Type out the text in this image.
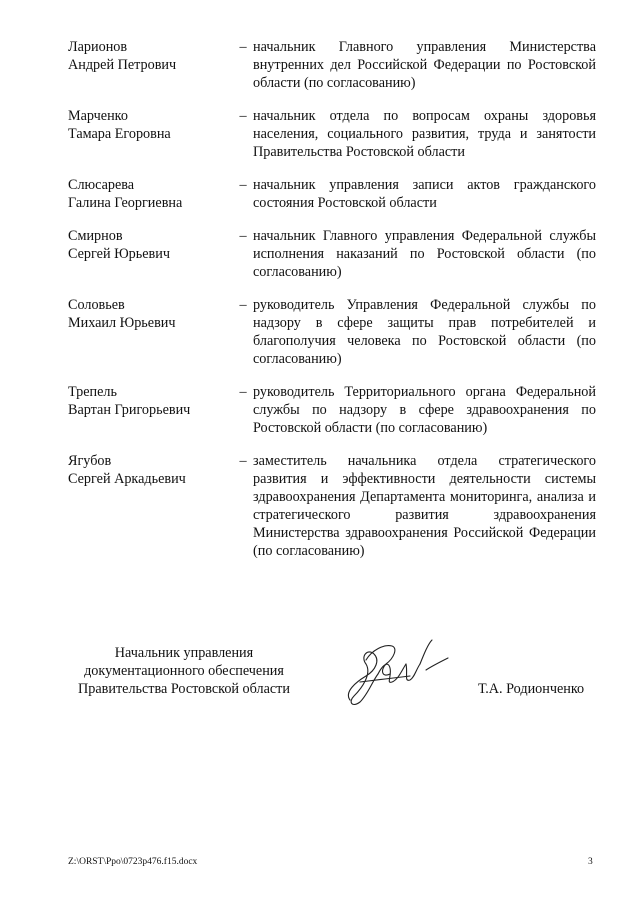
Ларионов
Андрей Петрович
– начальник Главного управления Министерства внутренних дел Российской Федерации по Ростовской области (по согласованию)
Марченко
Тамара Егоровна
– начальник отдела по вопросам охраны здоровья населения, социального развития, труда и занятости Правительства Ростовской области
Слюсарева
Галина Георгиевна
– начальник управления записи актов гражданского состояния Ростовской области
Смирнов
Сергей Юрьевич
– начальник Главного управления Федеральной службы исполнения наказаний по Ростовской области (по согласованию)
Соловьев
Михаил Юрьевич
– руководитель Управления Федеральной службы по надзору в сфере защиты прав потребителей и благополучия человека по Ростовской области (по согласованию)
Трепель
Вартан Григорьевич
– руководитель Территориального органа Федеральной службы по надзору в сфере здравоохранения по Ростовской области (по согласованию)
Ягубов
Сергей Аркадьевич
– заместитель начальника отдела стратегического развития и эффективности деятельности системы здравоохранения Департамента мониторинга, анализа и стратегического развития здравоохранения Министерства здравоохранения Российской Федерации (по согласованию)
Начальник управления
документационного обеспечения
Правительства Ростовской области	Т.А. Родионченко
Z:\ORST\Ppo\0723p476.f15.docx	3
